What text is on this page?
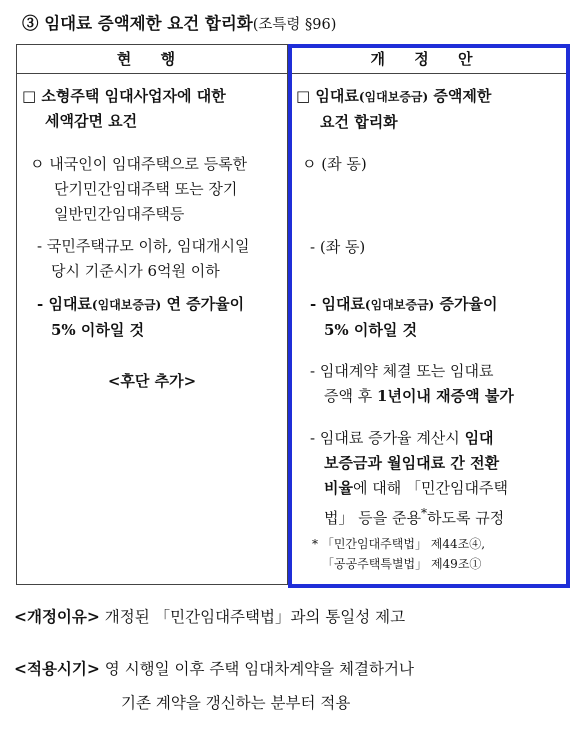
③ 임대료 증액제한 요건 합리화(조특령 §96)
현 행	개 정 안
□ 소형주택 임대사업자에 대한
세액감면 요건
ㅇ 내국인이 임대주택으로 등록한
단기민간임대주택 또는 장기
일반민간임대주택등
- 국민주택규모 이하, 임대개시일
당시 기준시가 6억원 이하
- 임대료(임대보증금) 연 증가율이
5% 이하일 것
<후단 추가>
□ 임대료(임대보증금) 증액제한
요건 합리화
ㅇ (좌 동)
- (좌 동)
- 임대료(임대보증금) 증가율이
5% 이하일 것
- 임대계약 체결 또는 임대료
증액 후 1년이내 재증액 불가
- 임대료 증가율 계산시 임대
보증금과 월임대료 간 전환
비율에 대해 「민간임대주택
법」 등을 준용*하도록 규정
* 「민간임대주택법」 제44조④,
「공공주택특별법」 제49조①
<개정이유> 개정된 「민간임대주택법」과의 통일성 제고
<적용시기> 영 시행일 이후 주택 임대차계약을 체결하거나
기존 계약을 갱신하는 분부터 적용
